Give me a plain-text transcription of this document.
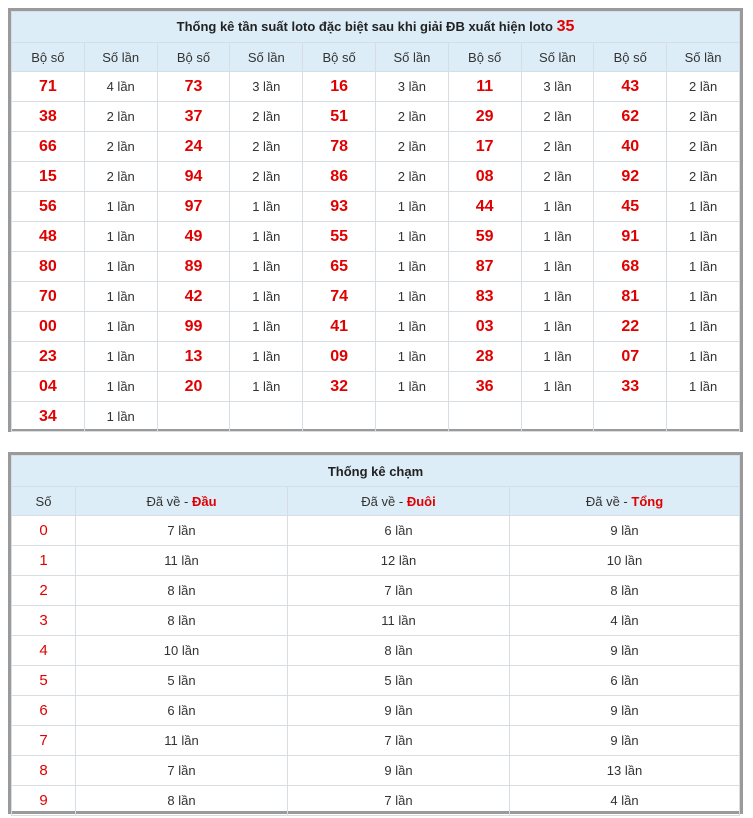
Thống kê tần suất loto đặc biệt sau khi giải ĐB xuất hiện loto 35									
Bộ số	Số lần	Bộ số	Số lần	Bộ số	Số lần	Bộ số	Số lần	Bộ số	Số lần
71	4 lần	73	3 lần	16	3 lần	11	3 lần	43	2 lần
38	2 lần	37	2 lần	51	2 lần	29	2 lần	62	2 lần
66	2 lần	24	2 lần	78	2 lần	17	2 lần	40	2 lần
15	2 lần	94	2 lần	86	2 lần	08	2 lần	92	2 lần
56	1 lần	97	1 lần	93	1 lần	44	1 lần	45	1 lần
48	1 lần	49	1 lần	55	1 lần	59	1 lần	91	1 lần
80	1 lần	89	1 lần	65	1 lần	87	1 lần	68	1 lần
70	1 lần	42	1 lần	74	1 lần	83	1 lần	81	1 lần
00	1 lần	99	1 lần	41	1 lần	03	1 lần	22	1 lần
23	1 lần	13	1 lần	09	1 lần	28	1 lần	07	1 lần
04	1 lần	20	1 lần	32	1 lần	36	1 lần	33	1 lần
34	1 lần								
Thống kê chạm			
Số	Đã về - Đầu	Đã về - Đuôi	Đã về - Tổng
0	7 lần	6 lần	9 lần
1	11 lần	12 lần	10 lần
2	8 lần	7 lần	8 lần
3	8 lần	11 lần	4 lần
4	10 lần	8 lần	9 lần
5	5 lần	5 lần	6 lần
6	6 lần	9 lần	9 lần
7	11 lần	7 lần	9 lần
8	7 lần	9 lần	13 lần
9	8 lần	7 lần	4 lần
